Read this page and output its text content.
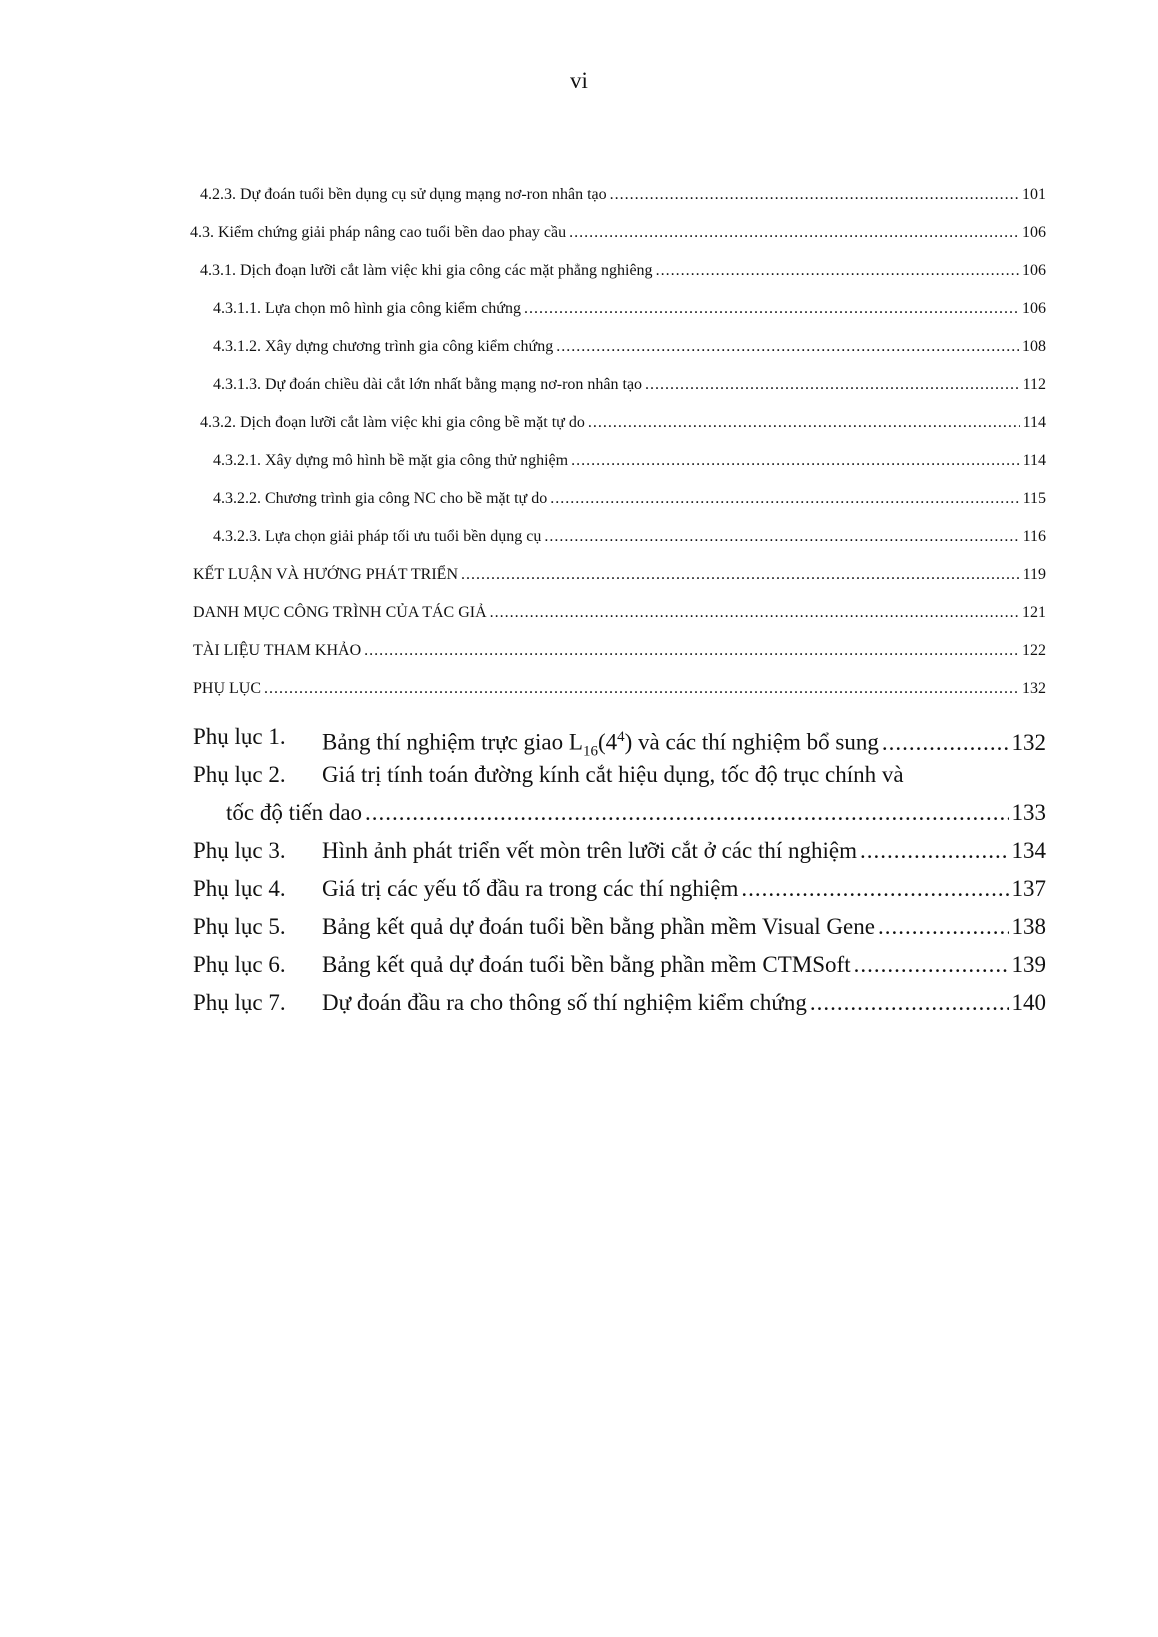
vi
4.2.3. Dự đoán tuổi bền dụng cụ sử dụng mạng nơ-ron nhân tạo .....	101
4.3. Kiểm chứng giải pháp nâng cao tuổi bền dao phay cầu .....	106
4.3.1. Dịch đoạn lưỡi cắt làm việc khi gia công các mặt phẳng nghiêng .....	106
4.3.1.1. Lựa chọn mô hình gia công kiểm chứng .....	106
4.3.1.2. Xây dựng chương trình gia công kiểm chứng .....	108
4.3.1.3. Dự đoán chiều dài cắt lớn nhất bằng mạng nơ-ron nhân tạo .....	112
4.3.2. Dịch đoạn lưỡi cắt làm việc khi gia công bề mặt tự do .....	114
4.3.2.1. Xây dựng mô hình bề mặt gia công thử nghiệm .....	114
4.3.2.2. Chương trình gia công NC cho bề mặt tự do .....	115
4.3.2.3. Lựa chọn giải pháp tối ưu tuổi bền dụng cụ .....	116
KẾT LUẬN VÀ HƯỚNG PHÁT TRIỂN .....	119
DANH MỤC CÔNG TRÌNH CỦA TÁC GIẢ .....	121
TÀI LIỆU THAM KHẢO .....	122
PHỤ LỤC .....	132
Phụ lục 1. Bảng thí nghiệm trực giao $L_{16}(4^4)$ và các thí nghiệm bổ sung .....	132
Phụ lục 2. Giá trị tính toán đường kính cắt hiệu dụng, tốc độ trục chính và
tốc độ tiến dao .....	133
Phụ lục 3. Hình ảnh phát triển vết mòn trên lưỡi cắt ở các thí nghiệm .....	134
Phụ lục 4. Giá trị các yếu tố đầu ra trong các thí nghiệm .....	137
Phụ lục 5. Bảng kết quả dự đoán tuổi bền bằng phần mềm Visual Gene .....	138
Phụ lục 6. Bảng kết quả dự đoán tuổi bền bằng phần mềm CTMSoft .....	139
Phụ lục 7. Dự đoán đầu ra cho thông số thí nghiệm kiểm chứng .....	140
